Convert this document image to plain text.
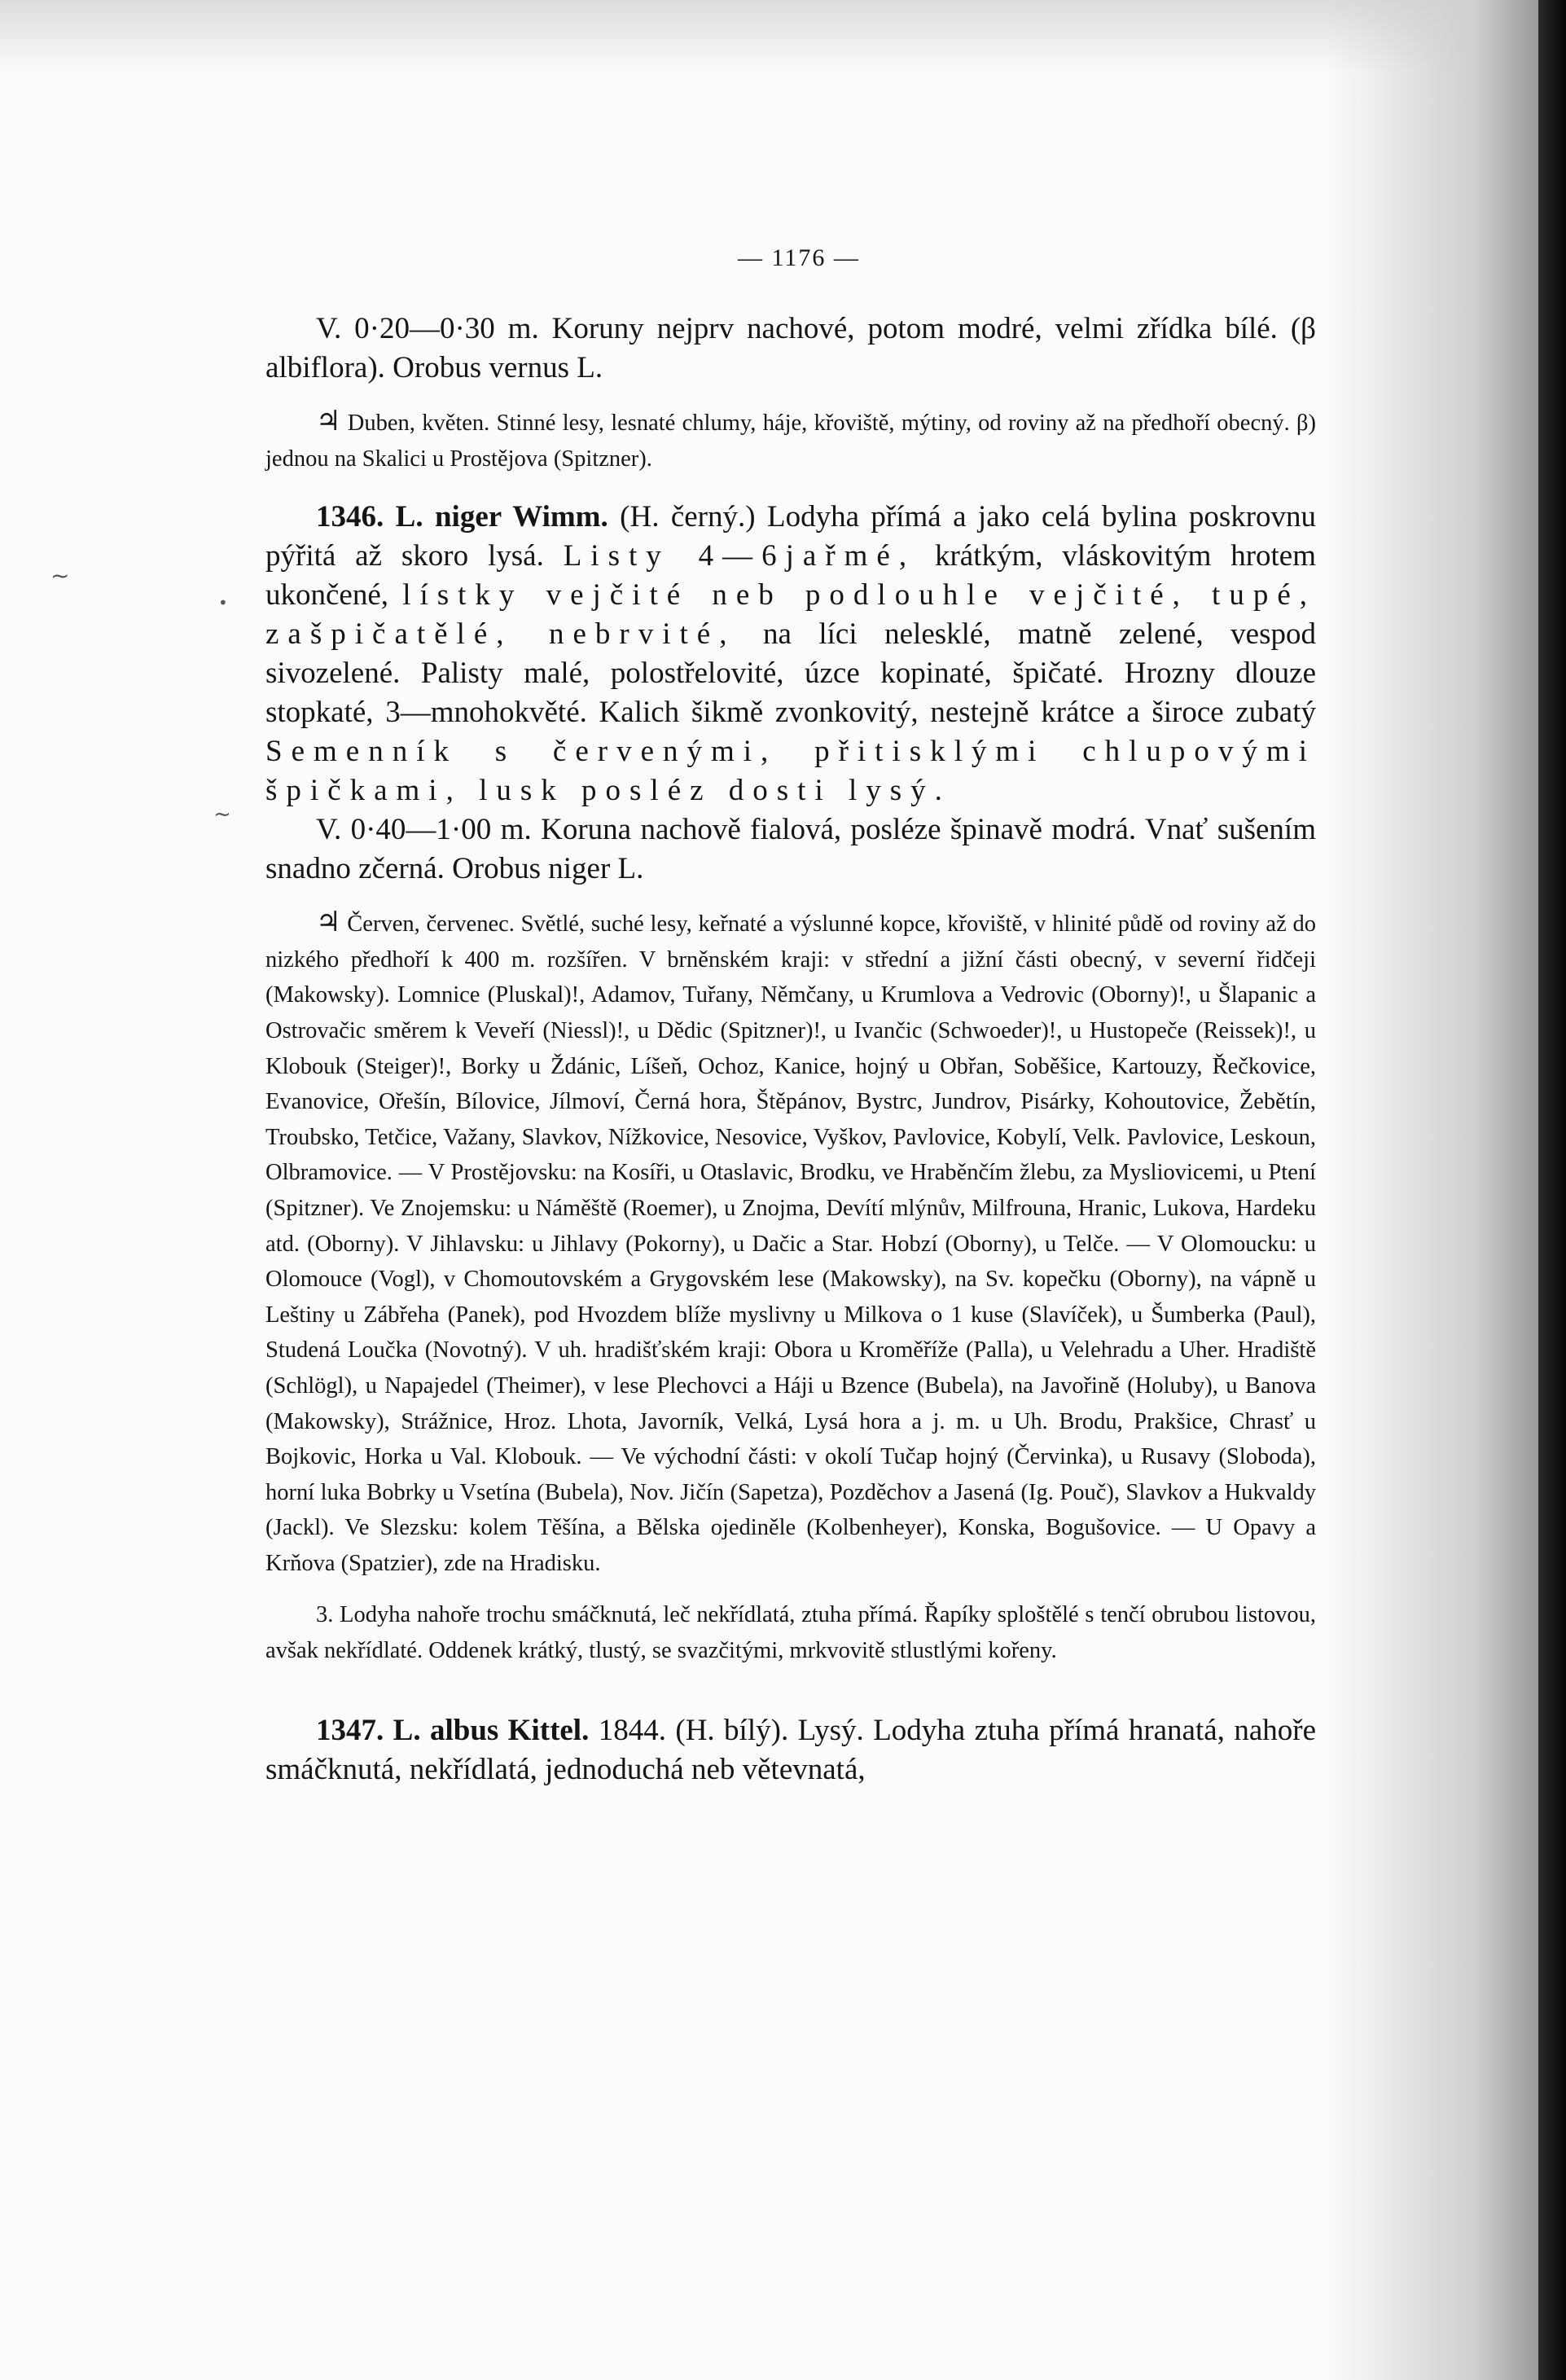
— 1176 —

V. 0·20—0·30 m. Koruny nejprv nachové, potom modré, velmi zřídka bílé. (β albiflora). Orobus vernus L.

♃ Duben, květen. Stinné lesy, lesnaté chlumy, háje, křoviště, mýtiny, od roviny až na předhoří obecný. β) jednou na Skalici u Prostějova (Spitzner).

1346. L. niger Wimm. (H. černý.) Lodyha přímá a jako celá bylina poskrovnu pýřitá až skoro lysá. Listy 4—6jařmé, krátkým, vláskovitým hrotem ukončené, lístky vejčité neb podlouhle vejčité, tupé, zašpičatělé, nebrvité, na líci nelesklé, matně zelené, vespod sivozelené. Palisty malé, polostřelovité, úzce kopinaté, špičaté. Hrozny dlouze stopkaté, 3—mnohokvěté. Kalich šikmě zvonkovitý, nestejně krátce a široce zubatý Semenník s červenými, přitisklými chlupovými špičkami, lusk posléz dosti lysý.

V. 0·40—1·00 m. Koruna nachově fialová, posléze špinavě modrá. Vnať sušením snadno zčerná. Orobus niger L.

♃ Červen, červenec. Světlé, suché lesy, keřnaté a výslunné kopce, křoviště, v hlinité půdě od roviny až do nizkého předhoří k 400 m. rozšířen. V brněnském kraji: v střední a jižní části obecný, v severní řidčeji (Makowsky). Lomnice (Pluskal)!, Adamov, Tuřany, Němčany, u Krumlova a Vedrovic (Oborny)!, u Šlapanic a Ostrovačic směrem k Veveří (Niessl)!, u Dědic (Spitzner)!, u Ivančic (Schwoeder)!, u Hustopeče (Reissek)!, u Klobouk (Steiger)!, Borky u Ždánic, Líšeň, Ochoz, Kanice, hojný u Obřan, Soběšice, Kartouzy, Řečkovice, Evanovice, Ořešín, Bílovice, Jílmoví, Černá hora, Štěpánov, Bystrc, Jundrov, Pisárky, Kohoutovice, Žebětín, Troubsko, Tetčice, Važany, Slavkov, Nížkovice, Nesovice, Vyškov, Pavlovice, Kobylí, Velk. Pavlovice, Leskoun, Olbramovice. — V Prostějovsku: na Kosíři, u Otaslavic, Brodku, ve Hraběnčím žlebu, za Mysliovicemi, u Ptení (Spitzner). Ve Znojemsku: u Náměště (Roemer), u Znojma, Devítí mlýnův, Milfrouna, Hranic, Lukova, Hardeku atd. (Oborny). V Jihlavsku: u Jihlavy (Pokorny), u Dačic a Star. Hobzí (Oborny), u Telče. — V Olomoucku: u Olomouce (Vogl), v Chomoutovském a Grygovském lese (Makowsky), na Sv. kopečku (Oborny), na vápně u Leštiny u Zábřeha (Panek), pod Hvozdem blíže myslivny u Milkova o 1 kuse (Slavíček), u Šumberka (Paul), Studená Loučka (Novotný). V uh. hradišťském kraji: Obora u Kroměříže (Palla), u Velehradu a Uher. Hradiště (Schlögl), u Napajedel (Theimer), v lese Plechovci a Háji u Bzence (Bubela), na Javořině (Holuby), u Banova (Makowsky), Strážnice, Hroz. Lhota, Javorník, Velká, Lysá hora a j. m. u Uh. Brodu, Prakšice, Chrasť u Bojkovic, Horka u Val. Klobouk. — Ve východní části: v okolí Tučap hojný (Červinka), u Rusavy (Sloboda), horní luka Bobrky u Vsetína (Bubela), Nov. Jičín (Sapetza), Pozděchov a Jasená (Ig. Pouč), Slavkov a Hukvaldy (Jackl). Ve Slezsku: kolem Těšína, a Bělska ojediněle (Kolbenheyer), Konska, Bogušovice. — U Opavy a Krňova (Spatzier), zde na Hradisku.

3. Lodyha nahoře trochu smáčknutá, leč nekřídlatá, ztuha přímá. Řapíky sploštělé s tenčí obrubou listovou, avšak nekřídlaté. Oddenek krátký, tlustý, se svazčitými, mrkvovitě stlustlými kořeny.

1347. L. albus Kittel. 1844. (H. bílý). Lysý. Lodyha ztuha přímá hranatá, nahoře smáčknutá, nekřídlatá, jednoduchá neb větevnatá,

~
•
~
